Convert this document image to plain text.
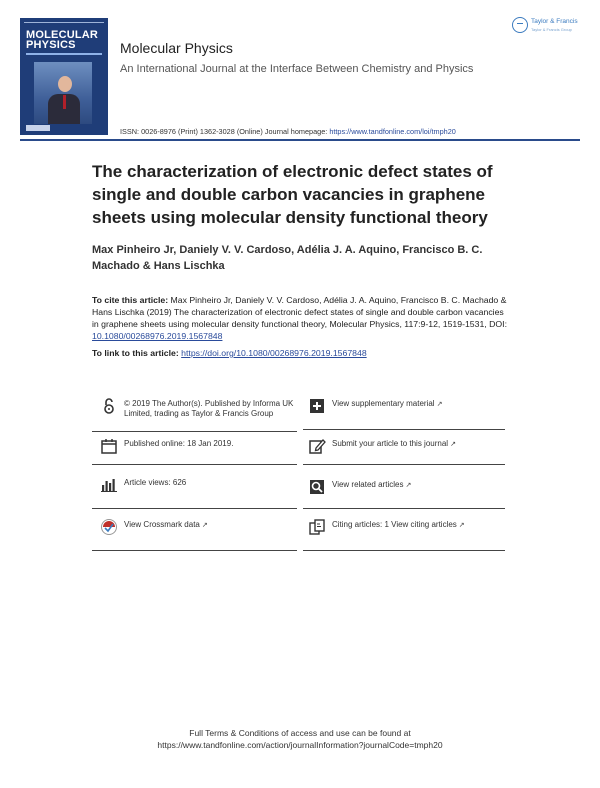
MOLECULAR
PHYSICS	Molecular Physics
An International Journal at the Interface Between Chemistry and Physics
Taylor & Francis
Taylor & Francis Group
ISSN: 0026-8976 (Print) 1362-3028 (Online) Journal homepage: https://www.tandfonline.com/loi/tmph20
The characterization of electronic defect states of single and double carbon vacancies in graphene sheets using molecular density functional theory
Max Pinheiro Jr, Daniely V. V. Cardoso, Adélia J. A. Aquino, Francisco B. C. Machado & Hans Lischka
To cite this article: Max Pinheiro Jr, Daniely V. V. Cardoso, Adélia J. A. Aquino, Francisco B. C. Machado & Hans Lischka (2019) The characterization of electronic defect states of single and double carbon vacancies in graphene sheets using molecular density functional theory, Molecular Physics, 117:9-12, 1519-1531, DOI: 10.1080/00268976.2019.1567848
To link to this article: https://doi.org/10.1080/00268976.2019.1567848
© 2019 The Author(s). Published by Informa UK Limited, trading as Taylor & Francis Group
Published online: 18 Jan 2019.
Article views: 626
View Crossmark data ↗
View supplementary material ↗
Submit your article to this journal ↗
View related articles ↗
Citing articles: 1 View citing articles ↗
Full Terms & Conditions of access and use can be found at
https://www.tandfonline.com/action/journalInformation?journalCode=tmph20
